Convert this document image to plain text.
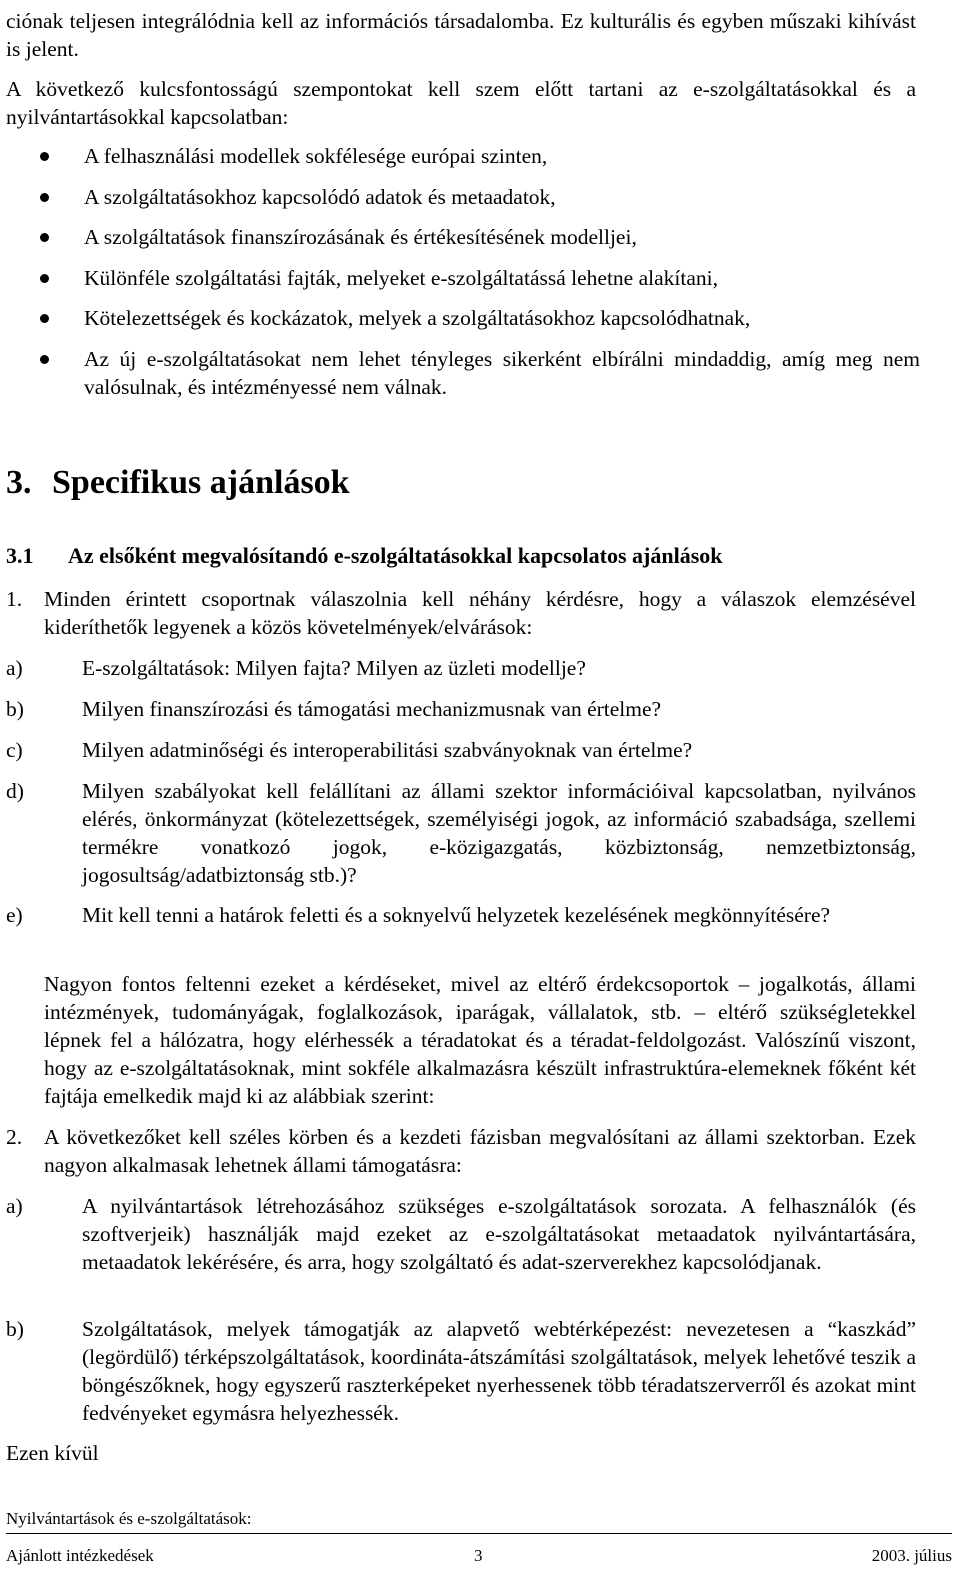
ciónak teljesen integrálódnia kell az információs társadalomba. Ez kulturális és egyben műszaki kihívást is jelent.

A következő kulcsfontosságú szempontokat kell szem előtt tartani az e-szolgáltatásokkal és a nyilvántartásokkal kapcsolatban:

A felhasználási modellek sokfélesége európai szinten,
A szolgáltatásokhoz kapcsolódó adatok és metaadatok,
A szolgáltatások finanszírozásának és értékesítésének modelljei,
Különféle szolgáltatási fajták, melyeket e-szolgáltatássá lehetne alakítani,
Kötelezettségek és kockázatok, melyek a szolgáltatásokhoz kapcsolódhatnak,
Az új e-szolgáltatásokat nem lehet tényleges sikerként elbírálni mindaddig, amíg meg nem valósulnak, és intézményessé nem válnak.
3. Specifikus ajánlások
3.1 Az elsőként megvalósítandó e-szolgáltatásokkal kapcsolatos ajánlások
1. Minden érintett csoportnak válaszolnia kell néhány kérdésre, hogy a válaszok elemzésével kideríthetők legyenek a közös követelmények/elvárások:
a)	E-szolgáltatások: Milyen fajta? Milyen az üzleti modellje?
b)	Milyen finanszírozási és támogatási mechanizmusnak van értelme?
c)	Milyen adatminőségi és interoperabilitási szabványoknak van értelme?
d)	Milyen szabályokat kell felállítani az állami szektor információival kapcsolatban, nyilvános elérés, önkormányzat (kötelezettségek, személyiségi jogok, az információ szabadsága, szellemi termékre vonatkozó jogok, e-közigazgatás, közbiztonság, nemzetbiztonság, jogosultság/adatbiztonság stb.)?
e)	Mit kell tenni a határok feletti és a soknyelvű helyzetek kezelésének megkönnyítésére?
Nagyon fontos feltenni ezeket a kérdéseket, mivel az eltérő érdekcsoportok – jogalkotás, állami intézmények, tudományágak, foglalkozások, iparágak, vállalatok, stb. – eltérő szükségletekkel lépnek fel a hálózatra, hogy elérhessék a téradatokat és a téradat-feldolgozást. Valószínű viszont, hogy az e-szolgáltatásoknak, mint sokféle alkalmazásra készült infrastruktúra-elemeknek főként két fajtája emelkedik majd ki az alábbiak szerint:
2. A következőket kell széles körben és a kezdeti fázisban megvalósítani az állami szektorban. Ezek nagyon alkalmasak lehetnek állami támogatásra:
a)	A nyilvántartások létrehozásához szükséges e-szolgáltatások sorozata. A felhasználók (és szoftverjeik) használják majd ezeket az e-szolgáltatásokat metaadatok nyilvántartására, metaadatok lekérésére, és arra, hogy szolgáltató és adat-szerverekhez kapcsolódjanak.
b)	Szolgáltatások, melyek támogatják az alapvető webtérképezést: nevezetesen a “kaszkád” (legördülő) térképszolgáltatások, koordináta-átszámítási szolgáltatások, melyek lehetővé teszik a böngészőknek, hogy egyszerű raszterképeket nyerhessenek több téradatszerverről és azokat mint fedvényeket egymásra helyezhessék.

Ezen kívül

Nyilvántartások és e-szolgáltatások:

Ajánlott intézkedések	3	2003. július
